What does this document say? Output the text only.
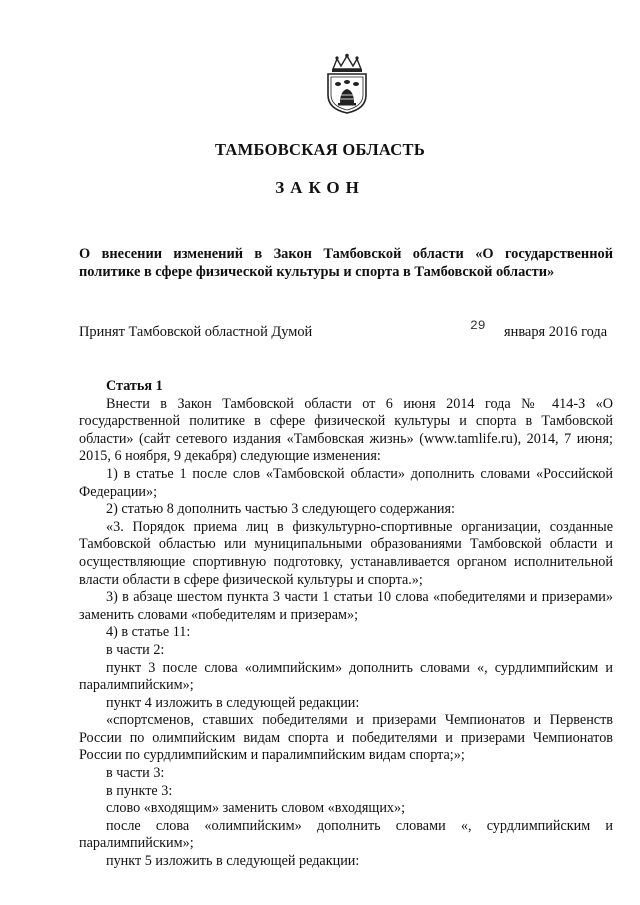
ТАМБОВСКАЯ ОБЛАСТЬ
ЗАКОН
О внесении изменений в Закон Тамбовской области «О государственной политике в сфере физической культуры и спорта в Тамбовской области»
Принят Тамбовской областной Думой	29 января 2016 года

Статья 1

Внести в Закон Тамбовской области от 6 июня 2014 года № 414-З «О государственной политике в сфере физической культуры и спорта в Тамбовской области» (сайт сетевого издания «Тамбовская жизнь» (www.tamlife.ru), 2014, 7 июня; 2015, 6 ноября, 9 декабря) следующие изменения:

1) в статье 1 после слов «Тамбовской области» дополнить словами «Российской Федерации»;

2) статью 8 дополнить частью 3 следующего содержания:

«3. Порядок приема лиц в физкультурно-спортивные организации, созданные Тамбовской областью или муниципальными образованиями Тамбовской области и осуществляющие спортивную подготовку, устанавливается органом исполнительной власти области в сфере физической культуры и спорта.»;

3) в абзаце шестом пункта 3 части 1 статьи 10 слова «победителями и призерами» заменить словами «победителям и призерам»;

4) в статье 11:

в части 2:

пункт 3 после слова «олимпийским» дополнить словами «, сурдлимпийским и паралимпийским»;

пункт 4 изложить в следующей редакции:

«спортсменов, ставших победителями и призерами Чемпионатов и Первенств России по олимпийским видам спорта и победителями и призерами Чемпионатов России по сурдлимпийским и паралимпийским видам спорта;»;

в части 3:

в пункте 3:

слово «входящим» заменить словом «входящих»;

после слова «олимпийским» дополнить словами «, сурдлимпийским и паралимпийским»;

пункт 5 изложить в следующей редакции:
